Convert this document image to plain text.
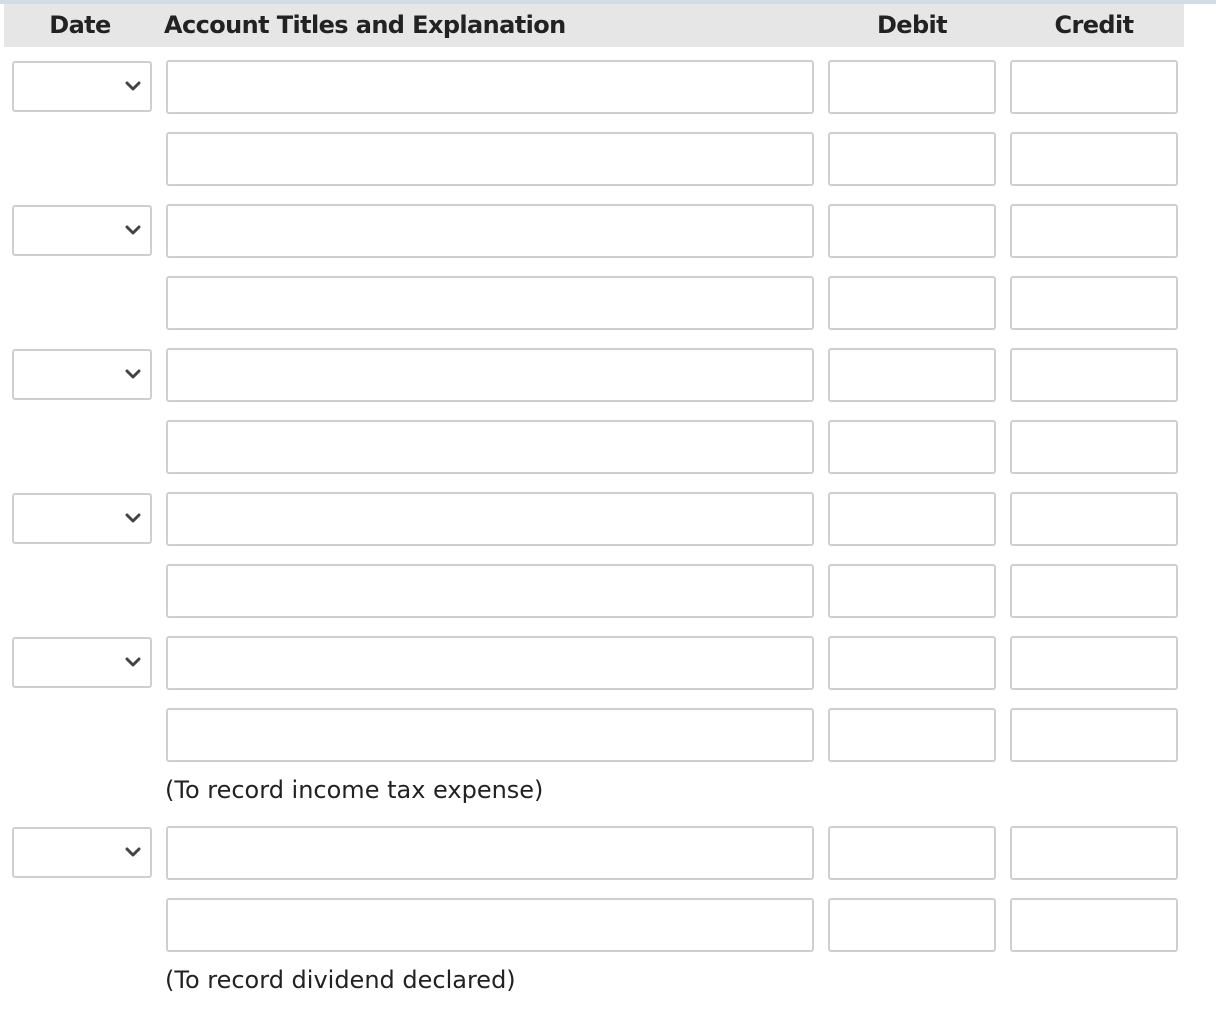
Date	Account Titles and Explanation	Debit	Credit
(To record income tax expense)
(To record dividend declared)
